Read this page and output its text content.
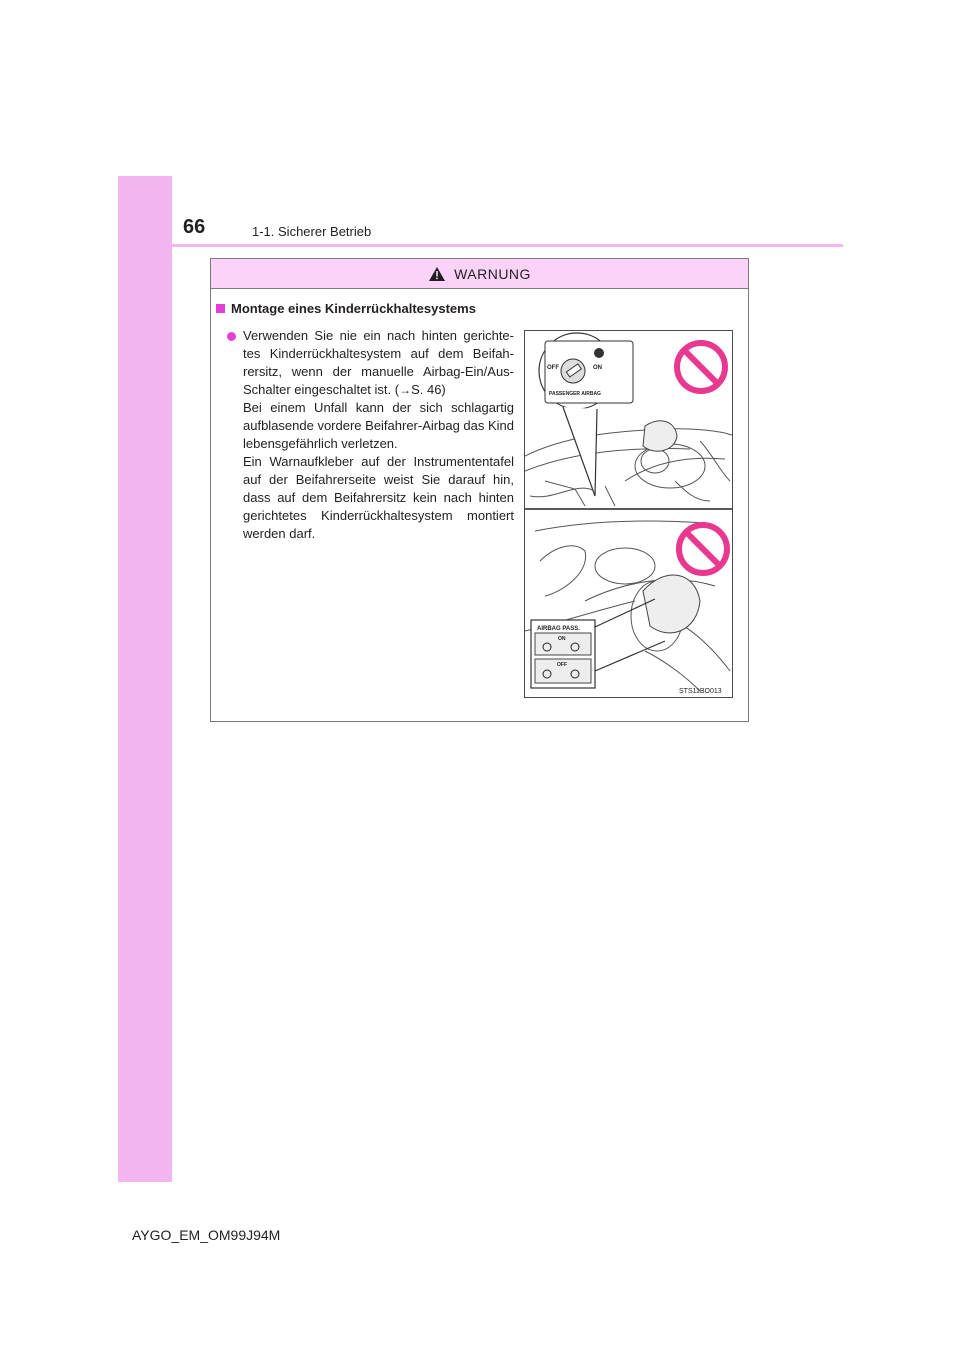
66	1-1. Sicherer Betrieb
WARNUNG
Montage eines Kinderrückhaltesystems

Verwenden Sie nie ein nach hinten gerichte-tes Kinderrückhaltesystem auf dem Beifah-rersitz, wenn der manuelle Airbag-Ein/Aus-Schalter eingeschaltet ist. (→S. 46)

Bei einem Unfall kann der sich schlagartig aufblasende vordere Beifahrer-Airbag das Kind lebensgefährlich verletzen.

Ein Warnaufkleber auf der Instrumententafel auf der Beifahrerseite weist Sie darauf hin, dass auf dem Beifahrersitz kein nach hinten gerichtetes Kinderrückhaltesystem montiert werden darf.

OFF	ON
PASSENGER AIRBAG
AIRBAG PASS.
ON
OFF
STS11BO013
AYGO_EM_OM99J94M
